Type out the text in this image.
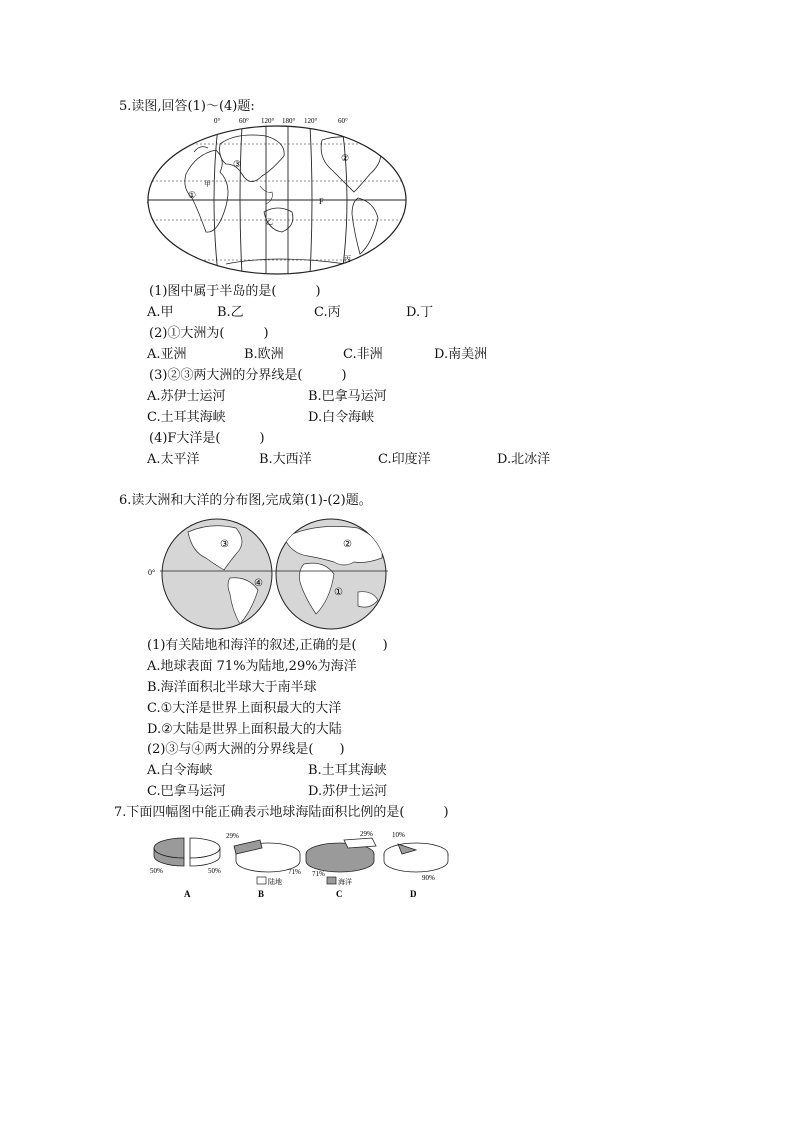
5.读图,回答(1)～(4)题:
0°	60° 120° 180° 120°	60°
③
②
①
甲
乙
丙
F
(1)图中属于半岛的是(　　　)
A.甲	B.乙	C.丙	D.丁
(2)①大洲为(　　　)
A.亚洲	B.欧洲	C.非洲	D.南美洲
(3)②③两大洲的分界线是(　　　)
A.苏伊士运河	B.巴拿马运河
C.土耳其海峡	D.白令海峡
(4)F大洋是(　　　)
A.太平洋	B.大西洋	C.印度洋	D.北冰洋
6.读大洲和大洋的分布图,完成第(1)-(2)题。
0°
③
④
②
①
(1)有关陆地和海洋的叙述,正确的是(　　)
A.地球表面 71%为陆地,29%为海洋
B.海洋面积北半球大于南半球
C.①大洋是世界上面积最大的大洋
D.②大陆是世界上面积最大的大陆
(2)③与④两大洲的分界线是(　　)
A.白令海峡	B.土耳其海峡
C.巴拿马运河	D.苏伊士运河
7.下面四幅图中能正确表示地球海陆面积比例的是(　　　)
50%	50%
A
29%
71%
B
29%
71%
C
10%
90%
D
陆地	海洋
